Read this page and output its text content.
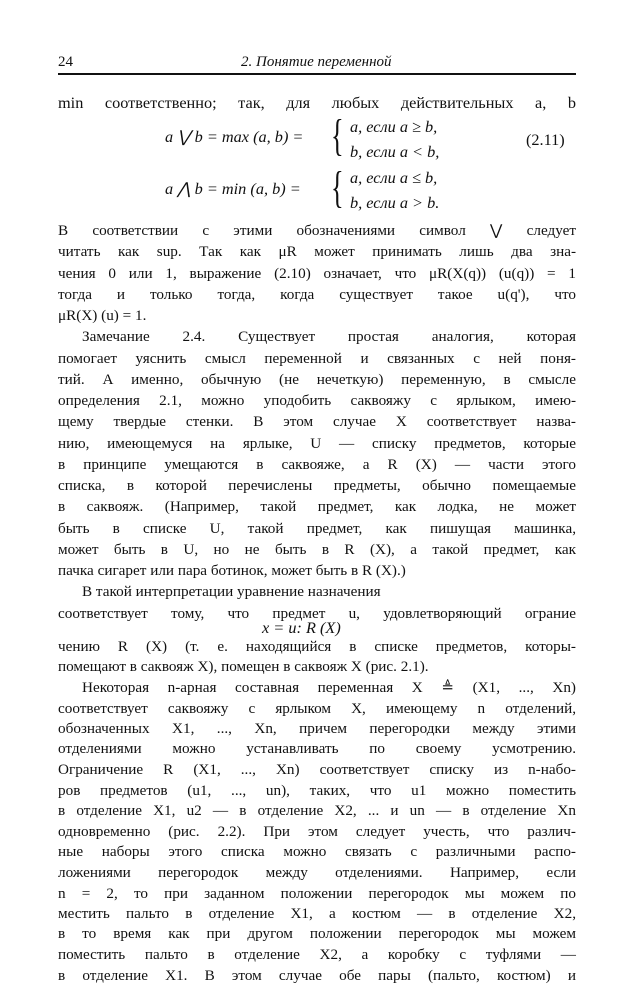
24	2. Понятие переменной
min соответственно; так, для любых действительных a, b
a ⋁ b = max (a, b) = { a, если a ≥ b,
b, если a < b,
(2.11)
a ⋀ b = min (a, b) = { a, если a ≤ b,
b, если a > b.
В соответствии с этими обозначениями символ ⋁ следует
читать как sup. Так как μR может принимать лишь два зна-
чения 0 или 1, выражение (2.10) означает, что μR(X(q)) (u(q)) = 1
тогда и только тогда, когда существует такое u(q'), что
μR(X) (u) = 1.
Замечание 2.4. Существует простая аналогия, которая
помогает уяснить смысл переменной и связанных с ней поня-
тий. А именно, обычную (не нечеткую) переменную, в смысле
определения 2.1, можно уподобить саквояжу с ярлыком, имею-
щему твердые стенки. В этом случае X соответствует назва-
нию, имеющемуся на ярлыке, U — списку предметов, которые
в принципе умещаются в саквояже, а R (X) — части этого
списка, в которой перечислены предметы, обычно помещаемые
в саквояж. (Например, такой предмет, как лодка, не может
быть в списке U, такой предмет, как пишущая машинка,
может быть в U, но не быть в R (X), а такой предмет, как
пачка сигарет или пара ботинок, может быть в R (X).)
В такой интерпретации уравнение назначения
x = u: R (X)
соответствует тому, что предмет u, удовлетворяющий ограние
чению R (X) (т. е. находящийся в списке предметов, которы-
помещают в саквояж X), помещен в саквояж X (рис. 2.1).
Некоторая n-арная составная переменная X ≜ (X1, ..., Xn)
соответствует саквояжу с ярлыком X, имеющему n отделений,
обозначенных X1, ..., Xn, причем перегородки между этими
отделениями можно устанавливать по своему усмотрению.
Ограничение R (X1, ..., Xn) соответствует списку из n-набо-
ров предметов (u1, ..., un), таких, что u1 можно поместить
в отделение X1, u2 — в отделение X2, ... и un — в отделение Xn
одновременно (рис. 2.2). При этом следует учесть, что различ-
ные наборы этого списка можно связать с различными распо-
ложениями перегородок между отделениями. Например, если
n = 2, то при заданном положении перегородок мы можем по
местить пальто в отделение X1, а костюм — в отделение X2,
в то время как при другом положении перегородок мы можем
поместить пальто в отделение X2, а коробку с туфлями —
в отделение X1. В этом случае обе пары (пальто, костюм) и
